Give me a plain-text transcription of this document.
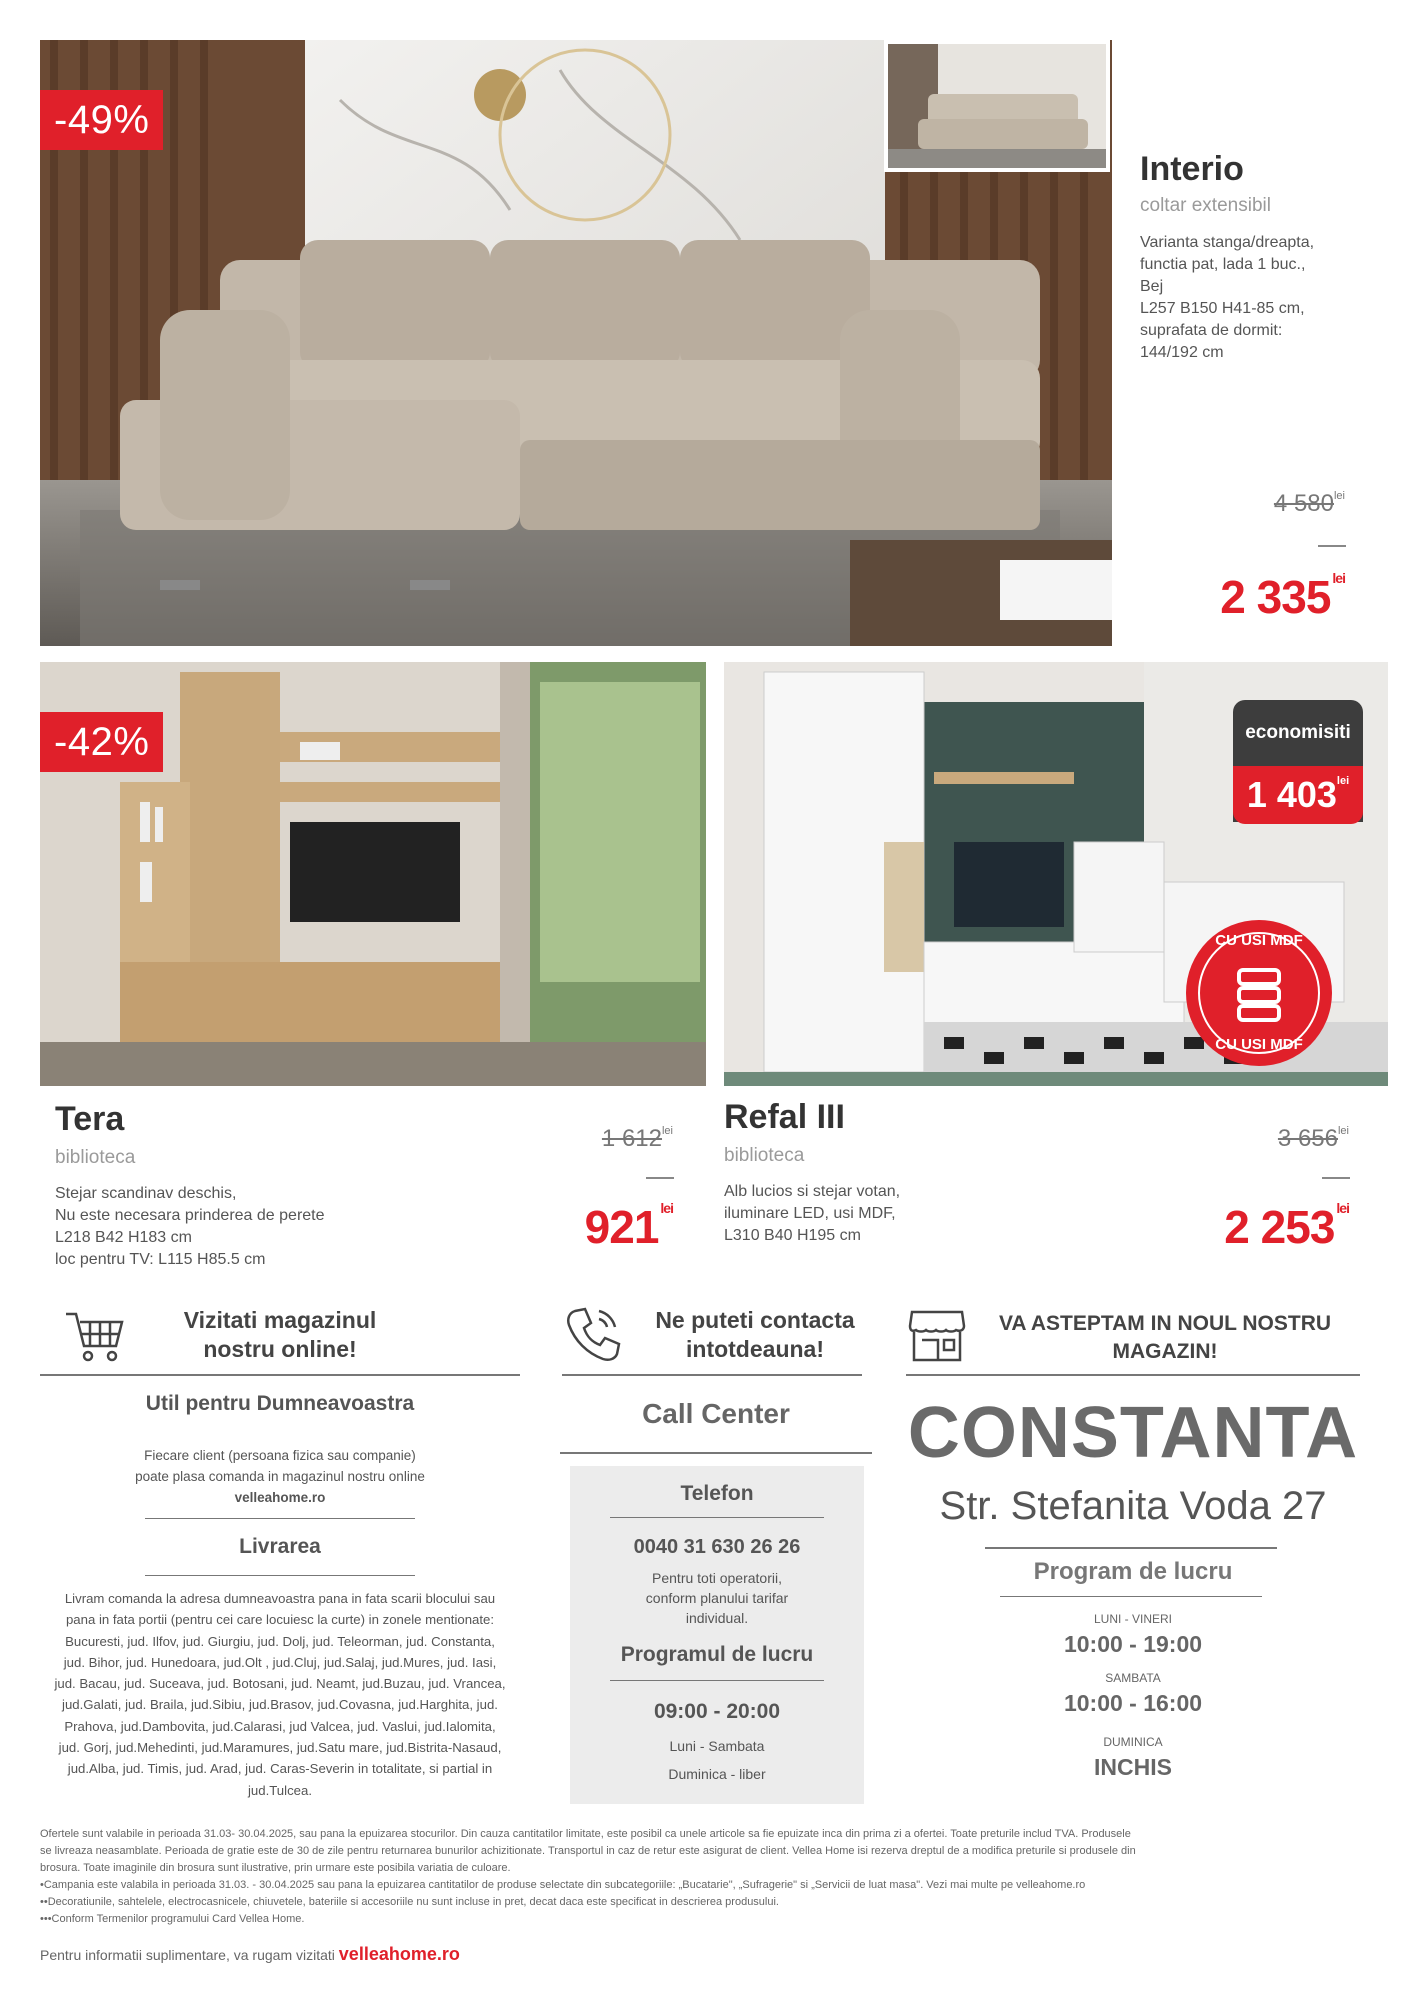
-49%
Interio
coltar extensibil
Varianta stanga/dreapta,
functia pat, lada 1 buc.,
Bej
L257 B150 H41-85 cm,
suprafata de dormit:
144/192 cm
4 $580^{lei}$
2 335 $^{lei}$
-42%
Tera
biblioteca
Stejar scandinav deschis,
Nu este necesara prinderea de perete
L218 B42 H183 cm
loc pentru TV: L115 H85.5 cm
1 $612^{lei}$
921 $^{lei}$
economisiti
1 $403^{lei}$
CU USI MDF
CU USI MDF
Refal III
biblioteca
Alb lucios si stejar votan,
iluminare LED, usi MDF,
L310 B40 H195 cm
3 $656^{lei}$
2 253 $^{lei}$
Vizitati magazinul
nostru online!
Util pentru Dumneavoastra
Fiecare client (persoana fizica sau companie)
poate plasa comanda in magazinul nostru online
velleahome.ro
Livrarea
Livram comanda la adresa dumneavoastra pana in fata scarii blocului sau
pana in fata portii (pentru cei care locuiesc la curte) in zonele mentionate:
Bucuresti, jud. Ilfov, jud. Giurgiu, jud. Dolj, jud. Teleorman, jud. Constanta,
jud. Bihor, jud. Hunedoara, jud.Olt , jud.Cluj, jud.Salaj, jud.Mures, jud. Iasi,
jud. Bacau, jud. Suceava, jud. Botosani, jud. Neamt, jud.Buzau, jud. Vrancea,
jud.Galati, jud. Braila, jud.Sibiu, jud.Brasov, jud.Covasna, jud.Harghita, jud.
Prahova, jud.Dambovita, jud.Calarasi, jud Valcea, jud. Vaslui, jud.Ialomita,
jud. Gorj, jud.Mehedinti, jud.Maramures, jud.Satu mare, jud.Bistrita-Nasaud,
jud.Alba, jud. Timis, jud. Arad, jud. Caras-Severin in totalitate, si partial in
jud.Tulcea.
Ne puteti contacta
intotdeauna!
Call Center
Telefon
0040 31 630 26 26
Pentru toti operatorii,
conform planului tarifar
individual.
Programul de lucru
09:00 - 20:00
Luni - Sambata
Duminica - liber
VA ASTEPTAM IN NOUL NOSTRU
MAGAZIN!
CONSTANTA
Str. Stefanita Voda 27
Program de lucru
LUNI - VINERI
10:00 - 19:00
SAMBATA
10:00 - 16:00
DUMINICA
INCHIS
Ofertele sunt valabile in perioada 31.03- 30.04.2025, sau pana la epuizarea stocurilor. Din cauza cantitatilor limitate, este posibil ca unele articole sa fie epuizate inca din prima zi a ofertei. Toate preturile includ TVA. Produsele
se livreaza neasamblate. Perioada de gratie este de 30 de zile pentru returnarea bunurilor achizitionate. Transportul in caz de retur este asigurat de client. Vellea Home isi rezerva dreptul de a modifica preturile si produsele din
brosura. Toate imaginile din brosura sunt ilustrative, prin urmare este posibila variatia de culoare.
•Campania este valabila in perioada 31.03. - 30.04.2025 sau pana la epuizarea cantitatilor de produse selectate din subcategoriile: „Bucatarie", „Sufragerie" si „Servicii de luat masa". Vezi mai multe pe velleahome.ro
••Decoratiunile, sahtelele, electrocasnicele, chiuvetele, bateriile si accesoriile nu sunt incluse in pret, decat daca este specificat in descrierea produsului.
•••Conform Termenilor programului Card Vellea Home.
Pentru informatii suplimentare, va rugam vizitati velleahome.ro
